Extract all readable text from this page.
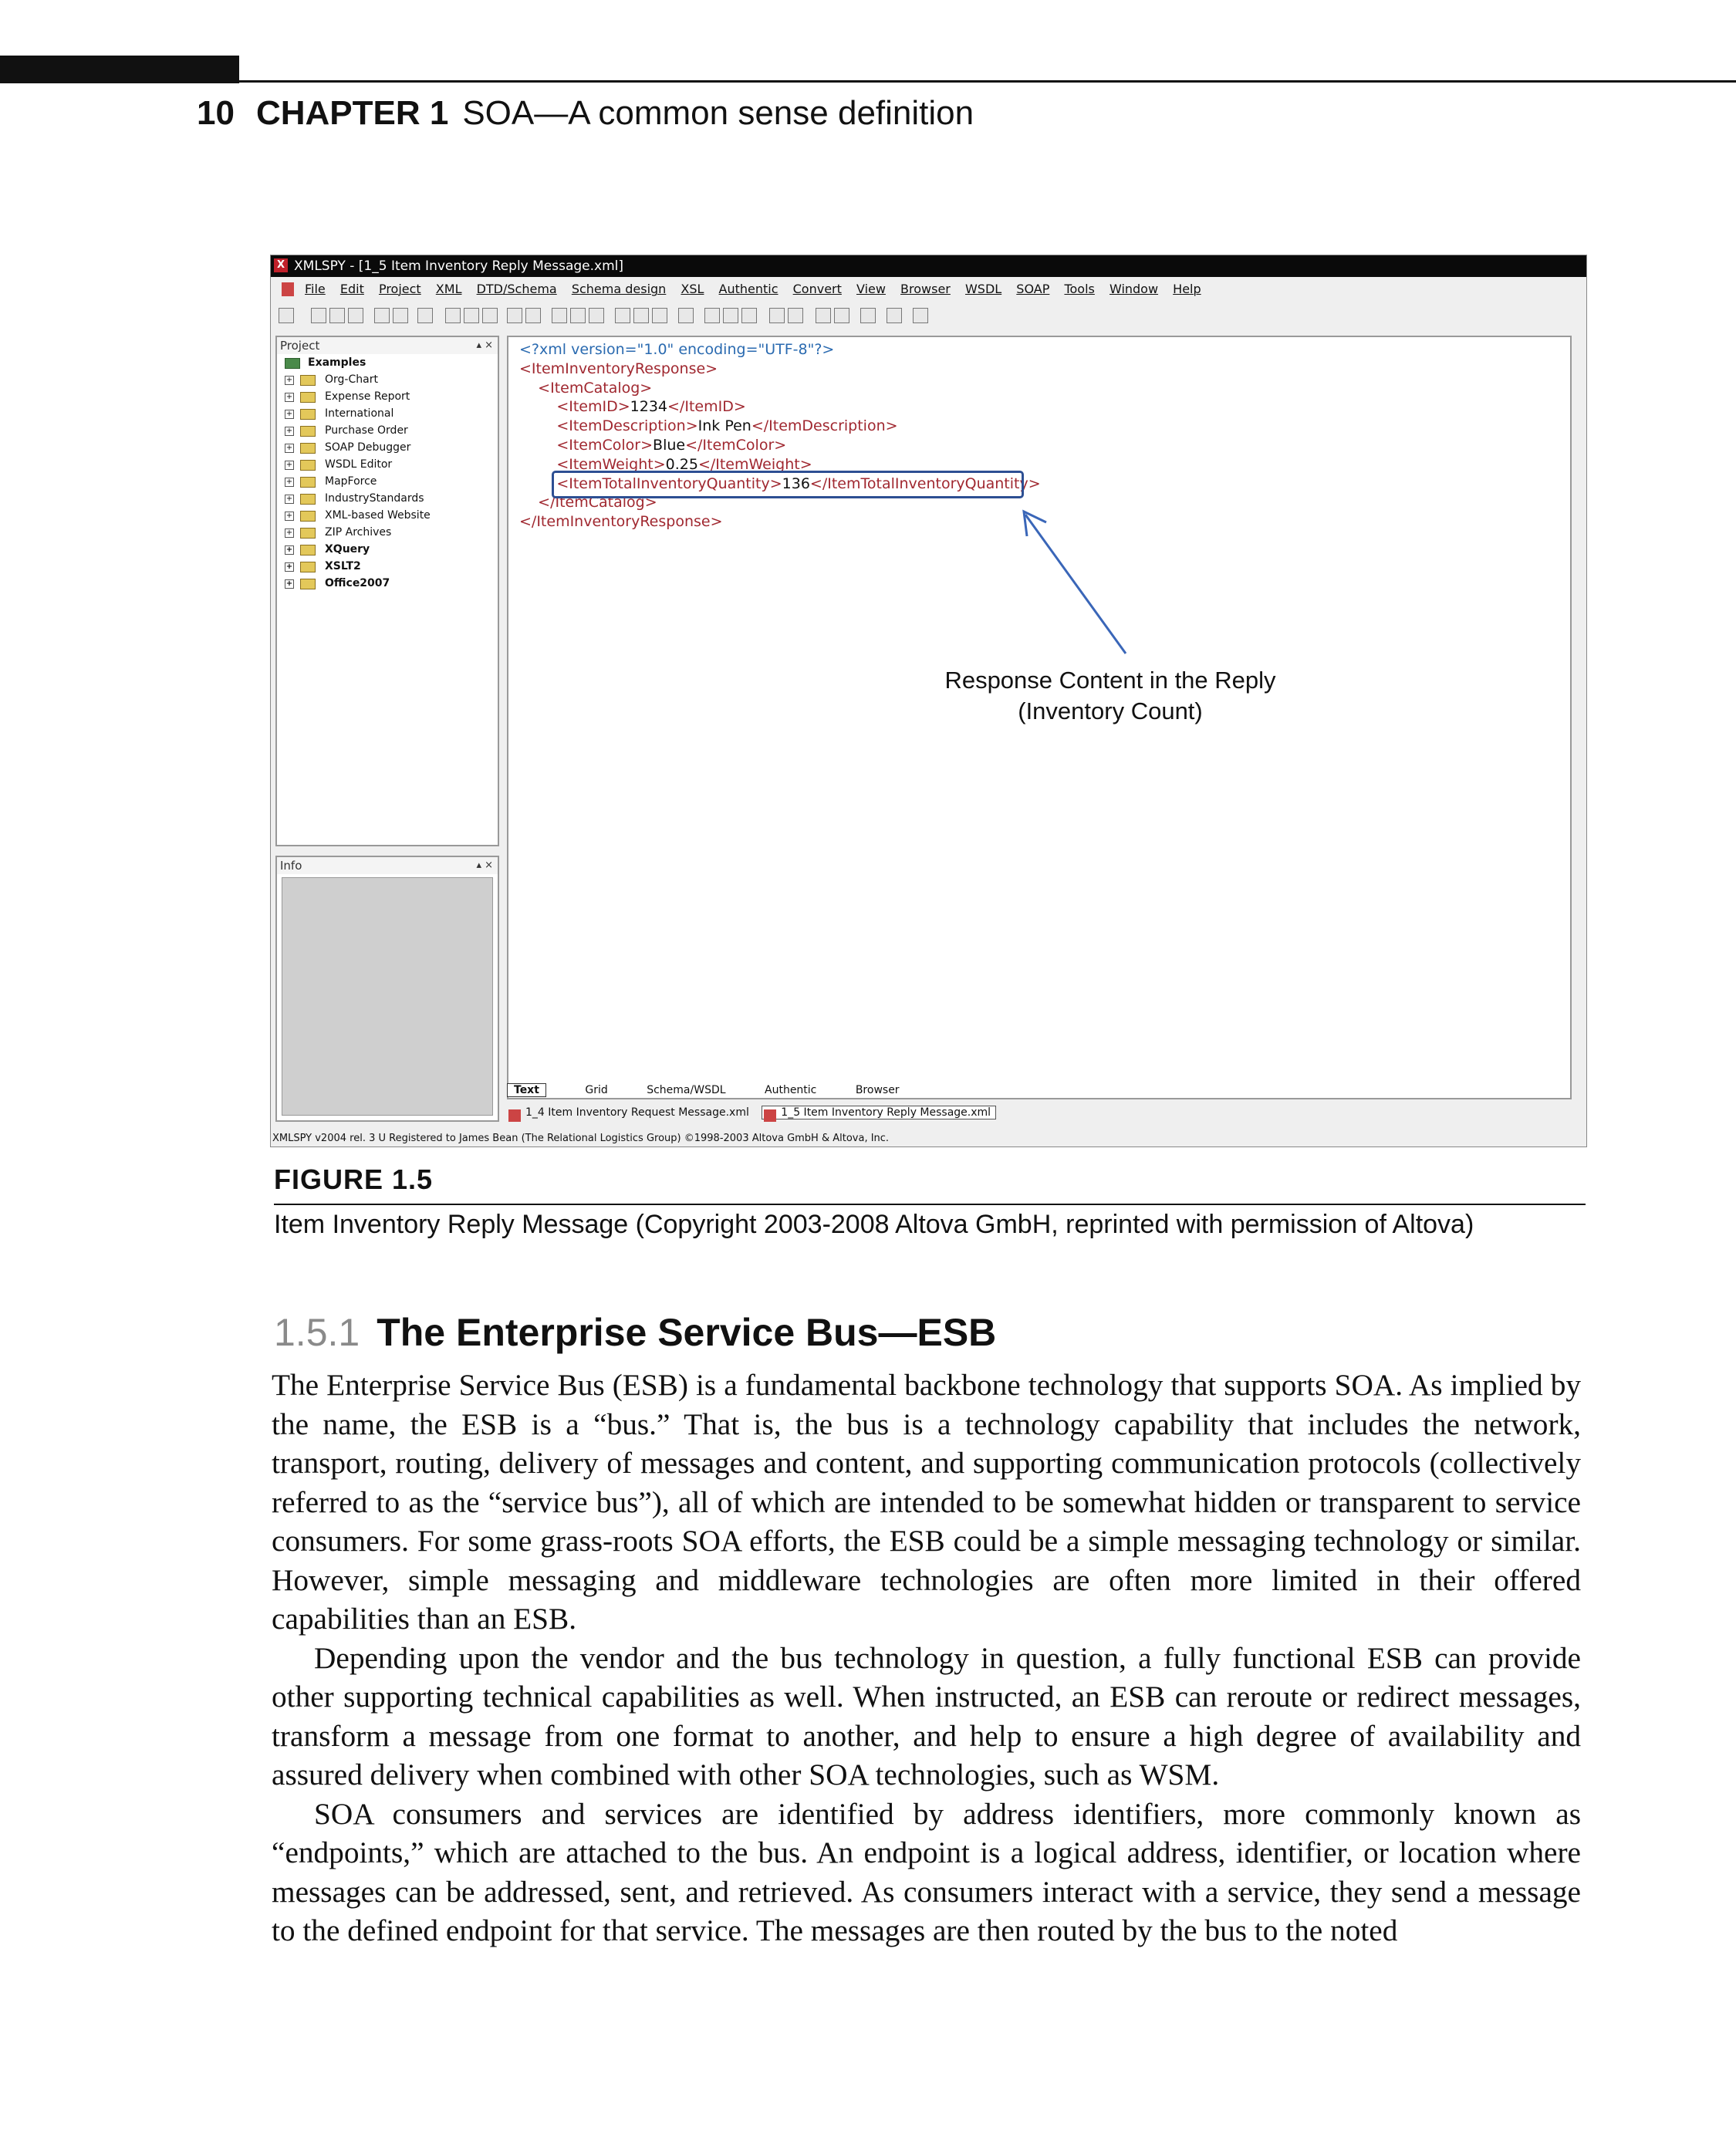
10 CHAPTER 1 SOA—A common sense definition
X XMLSPY - [1_5 Item Inventory Reply Message.xml]
File Edit Project XML DTD/Schema Schema design XSL Authentic Convert View Browser WSDL SOAP Tools Window Help
Project	▴ ×
Examples
+	Org-Chart
+	Expense Report
+	International
+	Purchase Order
+	SOAP Debugger
+	WSDL Editor
+	MapForce
+	IndustryStandards
+	XML-based Website
+	ZIP Archives
+	XQuery
+	XSLT2
+	Office2007
Info	▴ ×
<?xml version="1.0" encoding="UTF-8"?>
<ItemInventoryResponse>
<ItemCatalog>
<ItemID>1234</ItemID>
<ItemDescription>Ink Pen</ItemDescription>
<ItemColor>Blue</ItemColor>
<ItemWeight>0.25</ItemWeight>
<ItemTotalInventoryQuantity>136</ItemTotalInventoryQuantity>
</ItemCatalog>
</ItemInventoryResponse>
Response Content in the Reply
(Inventory Count)
Text	Grid	Schema/WSDL	Authentic	Browser
1_4 Item Inventory Request Message.xml	1_5 Item Inventory Reply Message.xml
XMLSPY v2004 rel. 3 U Registered to James Bean (The Relational Logistics Group) ©1998-2003 Altova GmbH & Altova, Inc.
FIGURE 1.5
Item Inventory Reply Message (Copyright 2003-2008 Altova GmbH, reprinted with permission of Altova)
1.5.1 The Enterprise Service Bus—ESB

The Enterprise Service Bus (ESB) is a fundamental backbone technology that supports SOA. As implied by the name, the ESB is a “bus.” That is, the bus is a technology capability that includes the network, transport, routing, delivery of messages and content, and supporting communication protocols (collectively referred to as the “service bus”), all of which are intended to be somewhat hidden or transparent to service consumers. For some grass-roots SOA efforts, the ESB could be a simple messaging technology or similar. However, simple messaging and middleware technologies are often more limited in their offered capabilities than an ESB.

Depending upon the vendor and the bus technology in question, a fully functional ESB can provide other supporting technical capabilities as well. When instructed, an ESB can reroute or redirect messages, transform a message from one format to another, and help to ensure a high degree of availability and assured delivery when combined with other SOA technologies, such as WSM.

SOA consumers and services are identified by address identifiers, more commonly known as “endpoints,” which are attached to the bus. An endpoint is a logical address, identifier, or location where messages can be addressed, sent, and retrieved. As consumers interact with a service, they send a message to the defined endpoint for that service. The messages are then routed by the bus to the noted
